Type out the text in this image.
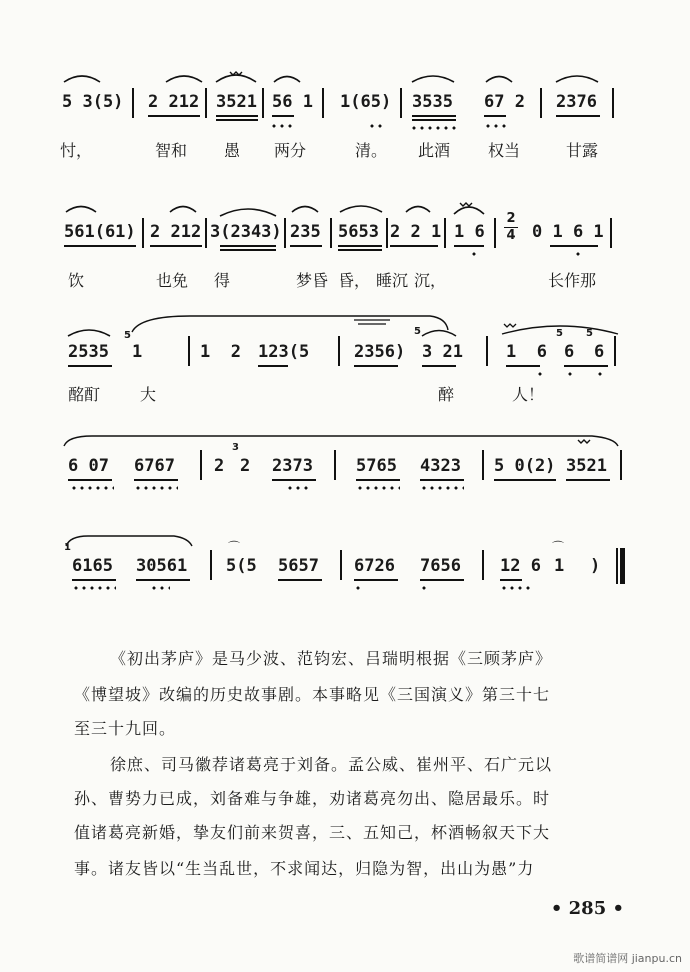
5 3(5) 2 212 3521 56 1 1(65) 3535 67 2 2376
忖，	智和 愚 两分	清。 此酒 权当	甘露
561(61) 2 212 3(2343) 235 5653 2 2 1 1 6
2
4 0 1 6 1
饮	也免 得	梦昏 昏， 睡沉 沉，	长作那
2535
5
1	1  2 123(5	2356)
5
3 21	1  6
5
6
5
6
酩酊 大	醉	人！
6 07 6767 2
3
2 2373	5765 4323 5 0(2) 3521
1
6165 30561
⌒
5(5 5657 6726 7656 12 6
⌒
1 )
《初出茅庐》是马少波、范钧宏、吕瑞明根据《三顾茅庐》
《博望坡》改编的历史故事剧。本事略见《三国演义》第三十七
至三十九回。
徐庶、司马徽荐诸葛亮于刘备。孟公威、崔州平、石广元以
孙、曹势力已成，刘备难与争雄，劝诸葛亮勿出、隐居最乐。时
值诸葛亮新婚，挚友们前来贺喜，三、五知己，杯酒畅叙天下大
事。诸友皆以“生当乱世，不求闻达，归隐为智，出山为愚”力
• 285 •
歌谱简谱网 jianpu.cn
